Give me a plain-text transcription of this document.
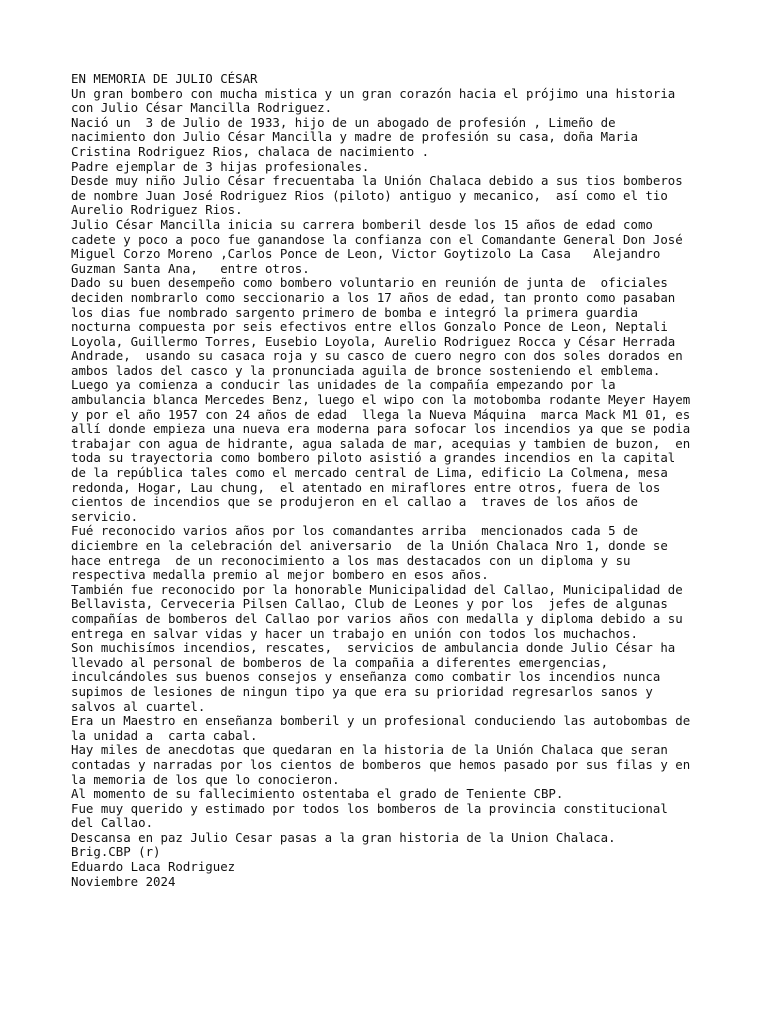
EN MEMORIA DE JULIO CÉSAR
Un gran bombero con mucha mistica y un gran corazón hacia el prójimo una historia
con Julio César Mancilla Rodriguez.
Nació un  3 de Julio de 1933, hijo de un abogado de profesión , Limeño de
nacimiento don Julio César Mancilla y madre de profesión su casa, doña Maria
Cristina Rodriguez Rios, chalaca de nacimiento .
Padre ejemplar de 3 hijas profesionales.
Desde muy niño Julio César frecuentaba la Unión Chalaca debido a sus tios bomberos
de nombre Juan José Rodriguez Rios (piloto) antiguo y mecanico,  así como el tio
Aurelio Rodriguez Rios.
Julio César Mancilla inicia su carrera bomberil desde los 15 años de edad como
cadete y poco a poco fue ganandose la confianza con el Comandante General Don José
Miguel Corzo Moreno ,Carlos Ponce de Leon, Victor Goytizolo La Casa   Alejandro
Guzman Santa Ana,   entre otros.
Dado su buen desempeño como bombero voluntario en reunión de junta de  oficiales
deciden nombrarlo como seccionario a los 17 años de edad, tan pronto como pasaban
los dias fue nombrado sargento primero de bomba e integró la primera guardia
nocturna compuesta por seis efectivos entre ellos Gonzalo Ponce de Leon, Neptali
Loyola, Guillermo Torres, Eusebio Loyola, Aurelio Rodriguez Rocca y César Herrada
Andrade,  usando su casaca roja y su casco de cuero negro con dos soles dorados en
ambos lados del casco y la pronunciada aguila de bronce sosteniendo el emblema.
Luego ya comienza a conducir las unidades de la compañía empezando por la
ambulancia blanca Mercedes Benz, luego el wipo con la motobomba rodante Meyer Hayem
y por el año 1957 con 24 años de edad  llega la Nueva Máquina  marca Mack M1 01, es
allí donde empieza una nueva era moderna para sofocar los incendios ya que se podia
trabajar con agua de hidrante, agua salada de mar, acequias y tambien de buzon,  en
toda su trayectoria como bombero piloto asistió a grandes incendios en la capital
de la república tales como el mercado central de Lima, edificio La Colmena, mesa
redonda, Hogar, Lau chung,  el atentado en miraflores entre otros, fuera de los
cientos de incendios que se produjeron en el callao a  traves de los años de
servicio.
Fué reconocido varios años por los comandantes arriba  mencionados cada 5 de
diciembre en la celebración del aniversario  de la Unión Chalaca Nro 1, donde se
hace entrega  de un reconocimiento a los mas destacados con un diploma y su
respectiva medalla premio al mejor bombero en esos años.
También fue reconocido por la honorable Municipalidad del Callao, Municipalidad de
Bellavista, Cerveceria Pilsen Callao, Club de Leones y por los  jefes de algunas
compañías de bomberos del Callao por varios años con medalla y diploma debido a su
entrega en salvar vidas y hacer un trabajo en unión con todos los muchachos.
Son muchisímos incendios, rescates,  servicios de ambulancia donde Julio César ha
llevado al personal de bomberos de la compañia a diferentes emergencias,
inculcándoles sus buenos consejos y enseñanza como combatir los incendios nunca
supimos de lesiones de ningun tipo ya que era su prioridad regresarlos sanos y
salvos al cuartel.
Era un Maestro en enseñanza bomberil y un profesional conduciendo las autobombas de
la unidad a  carta cabal.
Hay miles de anecdotas que quedaran en la historia de la Unión Chalaca que seran
contadas y narradas por los cientos de bomberos que hemos pasado por sus filas y en
la memoria de los que lo conocieron.
Al momento de su fallecimiento ostentaba el grado de Teniente CBP.
Fue muy querido y estimado por todos los bomberos de la provincia constitucional
del Callao.
Descansa en paz Julio Cesar pasas a la gran historia de la Union Chalaca.
Brig.CBP (r)
Eduardo Laca Rodriguez
Noviembre 2024
